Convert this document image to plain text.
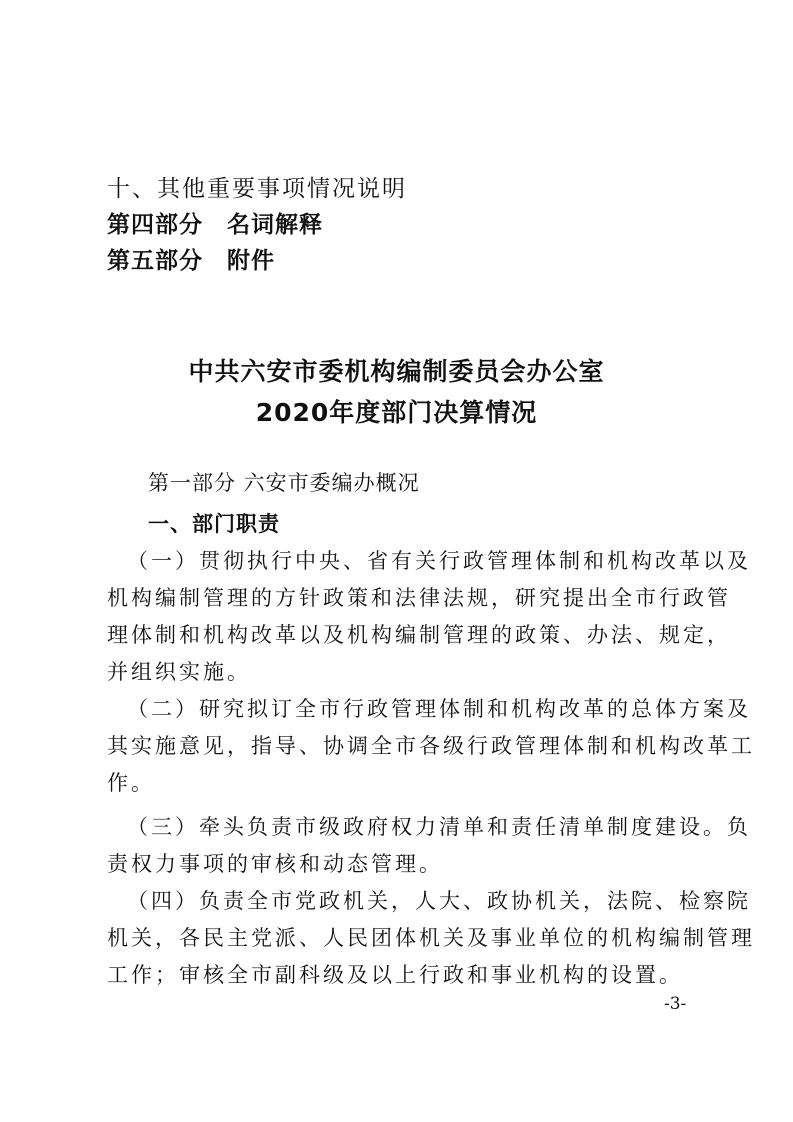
十、其他重要事项情况说明

第四部分　名词解释

第五部分　附件

中共六安市委机构编制委员会办公室

2020年度部门决算情况

第一部分 六安市委编办概况

一、部门职责

（一）贯彻执行中央、省有关行政管理体制和机构改革以及

机构编制管理的方针政策和法律法规，研究提出全市行政管

理体制和机构改革以及机构编制管理的政策、办法、规定，

并组织实施。

（二）研究拟订全市行政管理体制和机构改革的总体方案及

其实施意见，指导、协调全市各级行政管理体制和机构改革工

作。

（三）牵头负责市级政府权力清单和责任清单制度建设。负

责权力事项的审核和动态管理。

（四）负责全市党政机关，人大、政协机关，法院、检察院

机关，各民主党派、人民团体机关及事业单位的机构编制管理

工作；审核全市副科级及以上行政和事业机构的设置。

-3-
